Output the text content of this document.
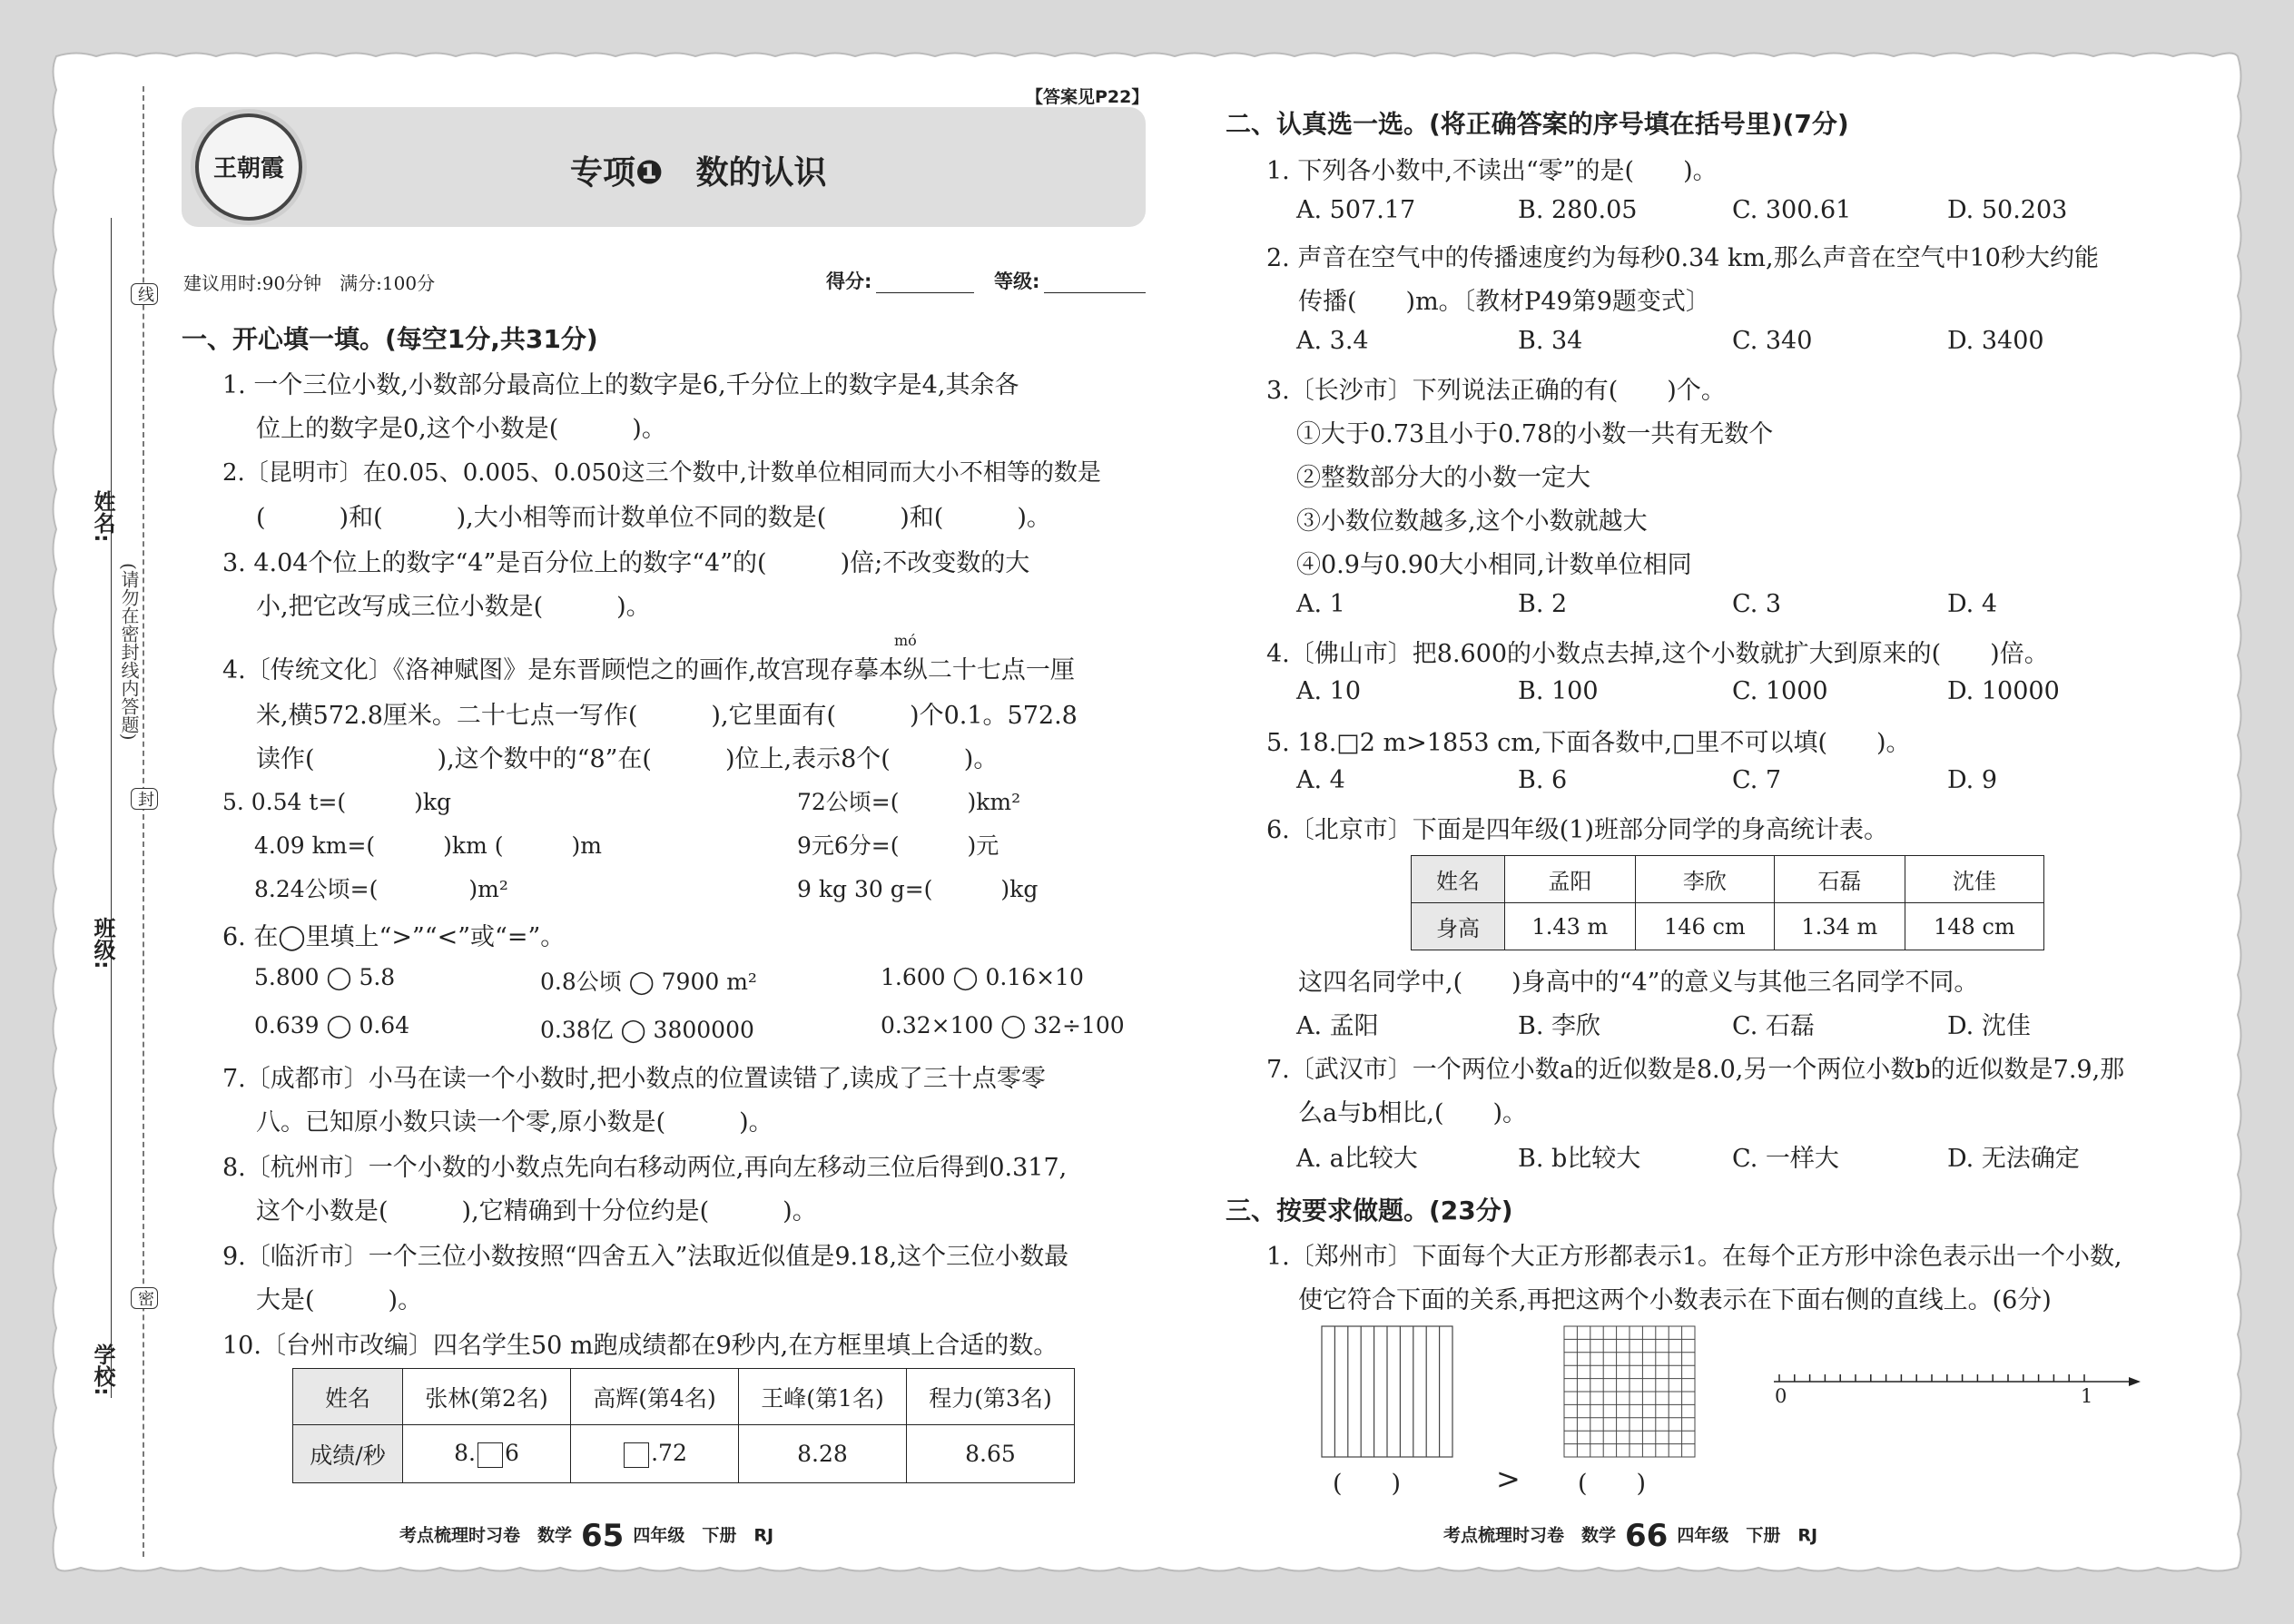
线
封
密
(请勿在密封线内答题)
姓名:
班级:
学校:
【答案见P22】
王朝霞	专项❶　数的认识
建议用时:90分钟　满分:100分	得分:	等级:
一、开心填一填。(每空1分,共31分)
1. 一个三位小数,小数部分最高位上的数字是6,千分位上的数字是4,其余各
位上的数字是0,这个小数是(　　　)。
2.〔昆明市〕在0.05、0.005、0.050这三个数中,计数单位相同而大小不相等的数是
(　　　)和(　　　),大小相等而计数单位不同的数是(　　　)和(　　　)。
3. 4.04个位上的数字“4”是百分位上的数字“4”的(　　　)倍;不改变数的大
小,把它改写成三位小数是(　　　)。
mó
4.〔传统文化〕《洛神赋图》是东晋顾恺之的画作,故宫现存摹本纵二十七点一厘
米,横572.8厘米。二十七点一写作(　　　),它里面有(　　　)个0.1。572.8
读作(　　　　　),这个数中的“8”在(　　　)位上,表示8个(　　　)。
5. 0.54 t=(　　　)kg	72公顷=(　　　)km²
4.09 km=(　　　)km (　　　)m	9元6分=(　　　)元
8.24公顷=(　　　　)m²	9 kg 30 g=(　　　)kg
6. 在◯里填上“>”“<”或“=”。
5.800 ◯ 5.8	0.8公顷 ◯ 7900 m²	1.600 ◯ 0.16×10
0.639 ◯ 0.64	0.38亿 ◯ 3800000	0.32×100 ◯ 32÷100
7.〔成都市〕小马在读一个小数时,把小数点的位置读错了,读成了三十点零零
八。已知原小数只读一个零,原小数是(　　　)。
8.〔杭州市〕一个小数的小数点先向右移动两位,再向左移动三位后得到0.317,
这个小数是(　　　),它精确到十分位约是(　　　)。
9.〔临沂市〕一个三位小数按照“四舍五入”法取近似值是9.18,这个三位小数最
大是(　　　)。
10.〔台州市改编〕四名学生50 m跑成绩都在9秒内,在方框里填上合适的数。
姓名	张林(第2名)	高辉(第4名)	王峰(第1名)	程力(第3名)
成绩/秒	8. 6	.72	8.28	8.65
考点梳理时习卷　数学 65 四年级　下册　RJ
二、认真选一选。(将正确答案的序号填在括号里)(7分)
1. 下列各小数中,不读出“零”的是(　　)。
A. 507.17	B. 280.05	C. 300.61	D. 50.203
2. 声音在空气中的传播速度约为每秒0.34 km,那么声音在空气中10秒大约能
传播(　　)m。〔教材P49第9题变式〕
A. 3.4	B. 34	C. 340	D. 3400
3.〔长沙市〕下列说法正确的有(　　)个。
①大于0.73且小于0.78的小数一共有无数个
②整数部分大的小数一定大
③小数位数越多,这个小数就越大
④0.9与0.90大小相同,计数单位相同
A. 1	B. 2	C. 3	D. 4
4.〔佛山市〕把8.600的小数点去掉,这个小数就扩大到原来的(　　)倍。
A. 10	B. 100	C. 1000	D. 10000
5. 18.□2 m>1853 cm,下面各数中,□里不可以填(　　)。
A. 4	B. 6	C. 7	D. 9
6.〔北京市〕下面是四年级(1)班部分同学的身高统计表。
姓名	孟阳	李欣	石磊	沈佳
身高	1.43 m	146 cm	1.34 m	148 cm
这四名同学中,(　　)身高中的“4”的意义与其他三名同学不同。
A. 孟阳	B. 李欣	C. 石磊	D. 沈佳
7.〔武汉市〕一个两位小数a的近似数是8.0,另一个两位小数b的近似数是7.9,那
么a与b相比,(　　)。
A. a比较大	B. b比较大	C. 一样大	D. 无法确定
三、按要求做题。(23分)
1.〔郑州市〕下面每个大正方形都表示1。在每个正方形中涂色表示出一个小数,
使它符合下面的关系,再把这两个小数表示在下面右侧的直线上。(6分)
(　　)	> (　　)
0	1
考点梳理时习卷　数学 66 四年级　下册　RJ
